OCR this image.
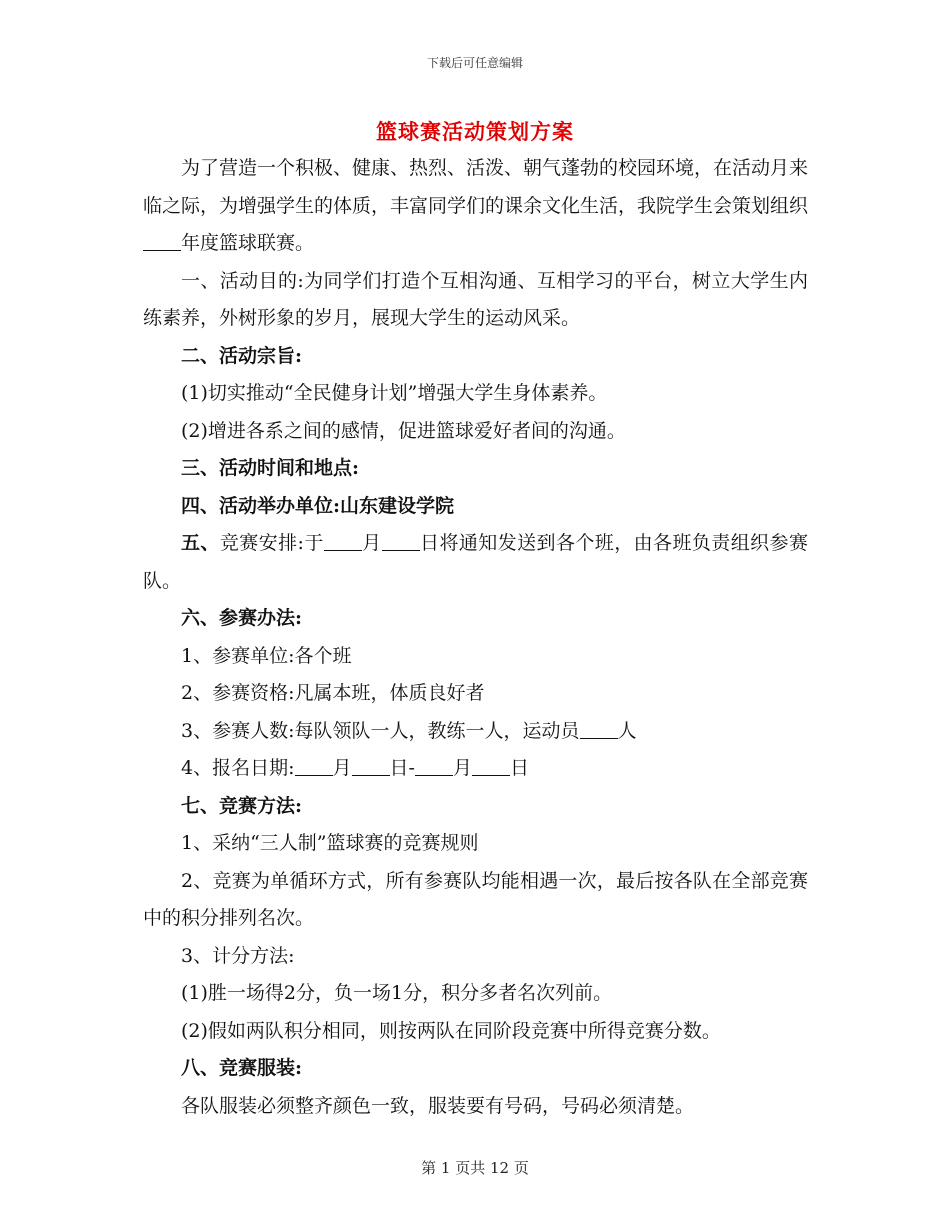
下载后可任意编辑
篮球赛活动策划方案

为了营造一个积极、健康、热烈、活泼、朝气蓬勃的校园环境，在活动月来临之际，为增强学生的体质，丰富同学们的课余文化生活，我院学生会策划组织年度篮球联赛。

一、活动目的:为同学们打造个互相沟通、互相学习的平台，树立大学生内练素养，外树形象的岁月，展现大学生的运动风采。

二、活动宗旨:

(1)切实推动“全民健身计划”增强大学生身体素养。

(2)增进各系之间的感情，促进篮球爱好者间的沟通。

三、活动时间和地点:

四、活动举办单位:山东建设学院

五、竞赛安排:于 月 日将通知发送到各个班，由各班负责组织参赛队。

六、参赛办法:

1、参赛单位:各个班

2、参赛资格:凡属本班，体质良好者

3、参赛人数:每队领队一人，教练一人，运动员 人

4、报名日期: 月 日- 月 日

七、竞赛方法:

1、采纳“三人制”篮球赛的竞赛规则

2、竞赛为单循环方式，所有参赛队均能相遇一次，最后按各队在全部竞赛中的积分排列名次。

3、计分方法:

(1)胜一场得2分，负一场1分，积分多者名次列前。

(2)假如两队积分相同，则按两队在同阶段竞赛中所得竞赛分数。

八、竞赛服装:

各队服装必须整齐颜色一致，服装要有号码，号码必须清楚。

第 1 页共 12 页
